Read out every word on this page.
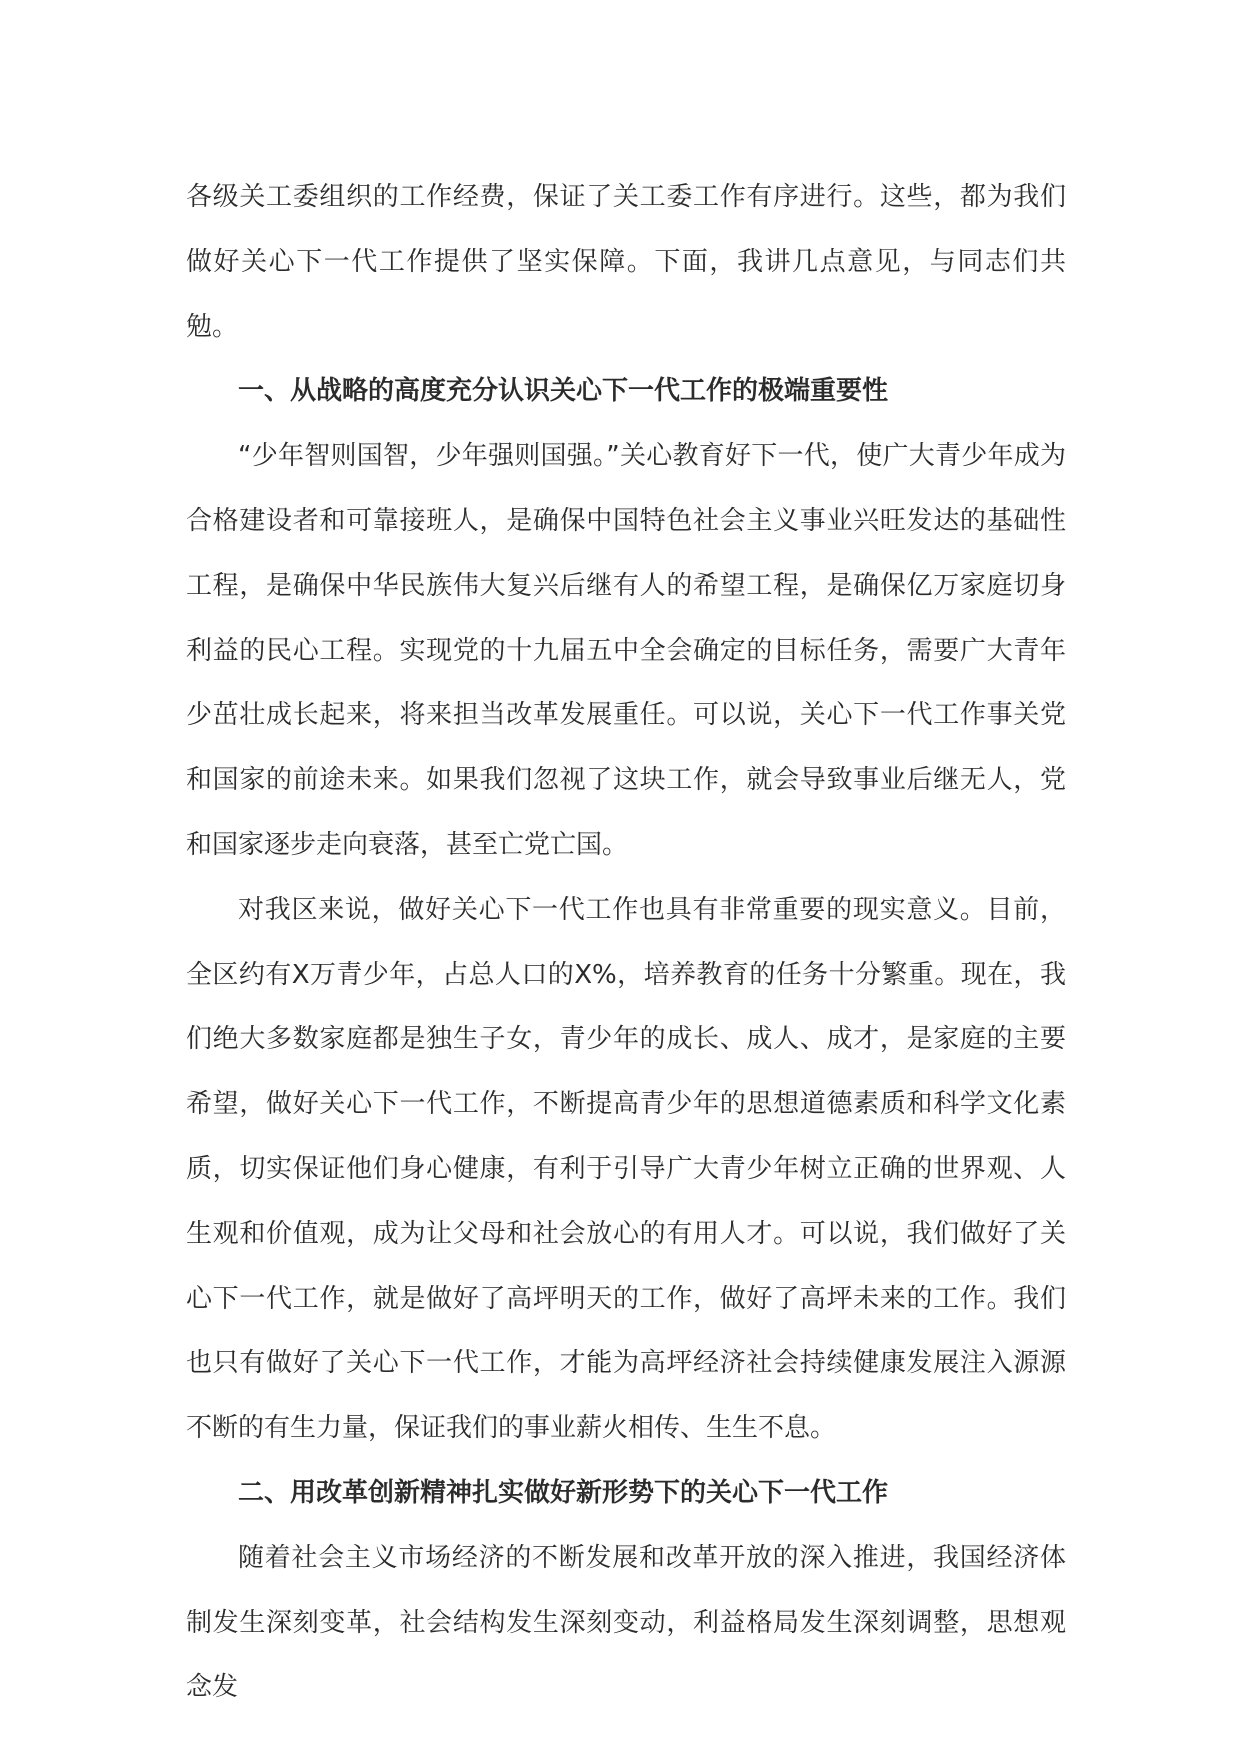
各级关工委组织的工作经费，保证了关工委工作有序进行。这些，都为我们做好关心下一代工作提供了坚实保障。下面，我讲几点意见，与同志们共勉。

一、从战略的高度充分认识关心下一代工作的极端重要性

“少年智则国智，少年强则国强。”关心教育好下一代，使广大青少年成为合格建设者和可靠接班人，是确保中国特色社会主义事业兴旺发达的基础性工程，是确保中华民族伟大复兴后继有人的希望工程，是确保亿万家庭切身利益的民心工程。实现党的十九届五中全会确定的目标任务，需要广大青年少茁壮成长起来，将来担当改革发展重任。可以说，关心下一代工作事关党和国家的前途未来。如果我们忽视了这块工作，就会导致事业后继无人，党和国家逐步走向衰落，甚至亡党亡国。

对我区来说，做好关心下一代工作也具有非常重要的现实意义。目前，全区约有X万青少年，占总人口的X%，培养教育的任务十分繁重。现在，我们绝大多数家庭都是独生子女，青少年的成长、成人、成才，是家庭的主要希望，做好关心下一代工作，不断提高青少年的思想道德素质和科学文化素质，切实保证他们身心健康，有利于引导广大青少年树立正确的世界观、人生观和价值观，成为让父母和社会放心的有用人才。可以说，我们做好了关心下一代工作，就是做好了高坪明天的工作，做好了高坪未来的工作。我们也只有做好了关心下一代工作，才能为高坪经济社会持续健康发展注入源源不断的有生力量，保证我们的事业薪火相传、生生不息。

二、用改革创新精神扎实做好新形势下的关心下一代工作

随着社会主义市场经济的不断发展和改革开放的深入推进，我国经济体制发生深刻变革，社会结构发生深刻变动，利益格局发生深刻调整，思想观念发
